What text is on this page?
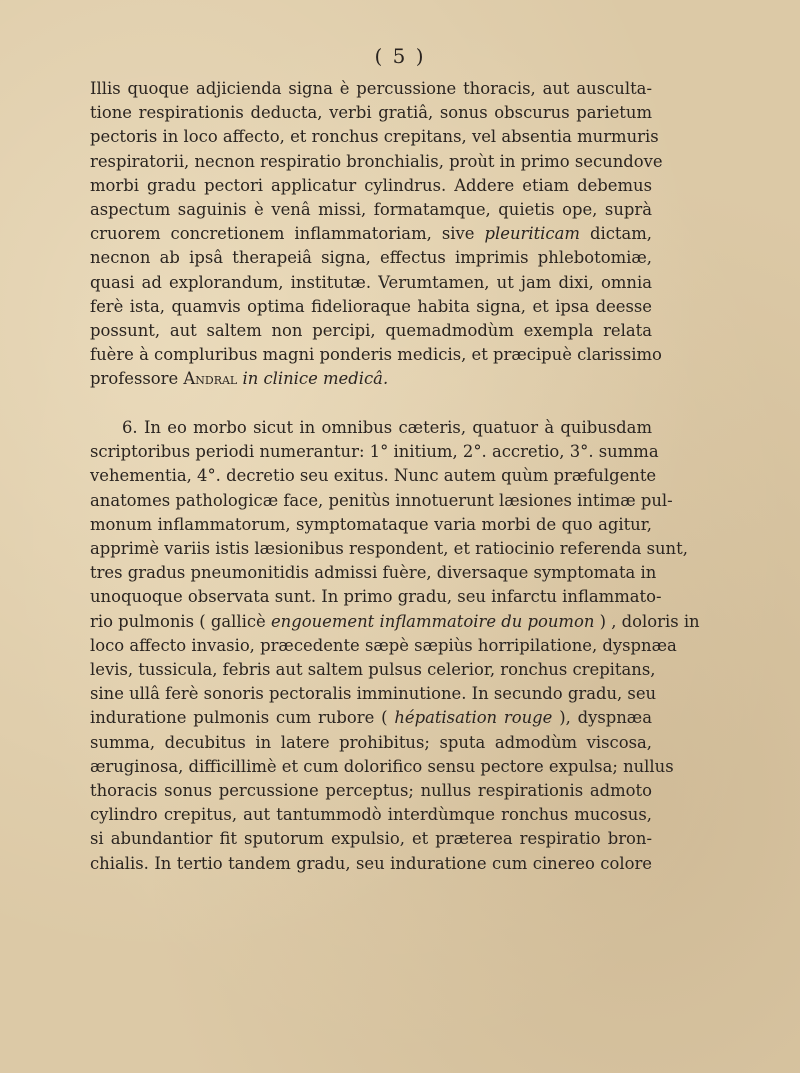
( 5 )
Illis quoque adjicienda signa è percussione thoracis, aut ausculta-
tione respirationis deducta, verbi gratiâ, sonus obscurus parietum
pectoris in loco affecto, et ronchus crepitans, vel absentia murmuris
respiratorii, necnon respiratio bronchialis, proùt in primo secundove
morbi gradu pectori applicatur cylindrus. Addere etiam debemus
aspectum saguinis è venâ missi, formatamque, quietis ope, suprà
cruorem concretionem inflammatoriam, sive pleuriticam dictam,
necnon ab ipsâ therapeiâ signa, effectus imprimis phlebotomiæ,
quasi ad explorandum, institutæ. Verumtamen, ut jam dixi, omnia
ferè ista, quamvis optima fidelioraque habita signa, et ipsa deesse
possunt, aut saltem non percipi, quemadmodùm exempla relata
fuère à compluribus magni ponderis medicis, et præcipuè clarissimo
professore Andral in clinice medicâ.
6. In eo morbo sicut in omnibus cæteris, quatuor à quibusdam
scriptoribus periodi numerantur: 1° initium, 2°. accretio, 3°. summa
vehementia, 4°. decretio seu exitus. Nunc autem quùm præfulgente
anatomes pathologicæ face, penitùs innotuerunt læsiones intimæ pul-
monum inflammatorum, symptomataque varia morbi de quo agitur,
apprimè variis istis læsionibus respondent, et ratiocinio referenda sunt,
tres gradus pneumonitidis admissi fuère, diversaque symptomata in
unoquoque observata sunt. In primo gradu, seu infarctu inflammato-
rio pulmonis ( gallicè engouement inflammatoire du poumon ) , doloris in
loco affecto invasio, præcedente sæpè sæpiùs horripilatione, dyspnæa
levis, tussicula, febris aut saltem pulsus celerior, ronchus crepitans,
sine ullâ ferè sonoris pectoralis imminutione. In secundo gradu, seu
induratione pulmonis cum rubore ( hépatisation rouge ), dyspnæa
summa, decubitus in latere prohibitus; sputa admodùm viscosa,
æruginosa, difficillimè et cum dolorifico sensu pectore expulsa; nullus
thoracis sonus percussione perceptus; nullus respirationis admoto
cylindro crepitus, aut tantummodò interdùmque ronchus mucosus,
si abundantior fit sputorum expulsio, et præterea respiratio bron-
chialis. In tertio tandem gradu, seu induratione cum cinereo colore
